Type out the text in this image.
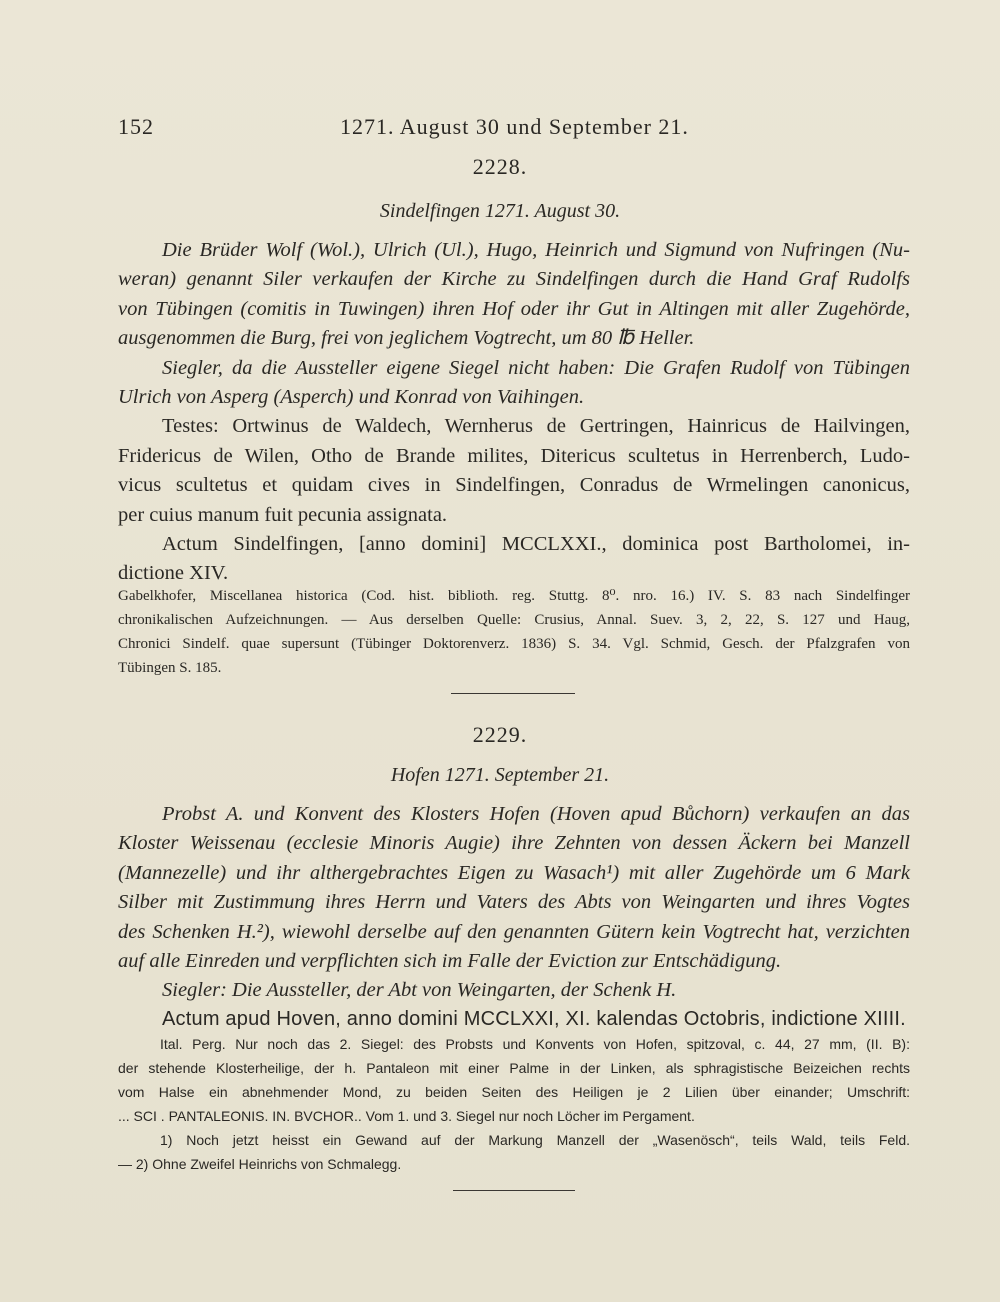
152	1271. August 30 und September 21.
2228.
Sindelfingen 1271. August 30.
Die Brüder Wolf (Wol.), Ulrich (Ul.), Hugo, Heinrich und Sigmund von Nufringen (Nu-
weran) genannt Siler verkaufen der Kirche zu Sindelfingen durch die Hand Graf Rudolfs
von Tübingen (comitis in Tuwingen) ihren Hof oder ihr Gut in Altingen mit aller Zugehörde,
ausgenommen die Burg, frei von jeglichem Vogtrecht, um 80 ℔ Heller.
Siegler, da die Aussteller eigene Siegel nicht haben: Die Grafen Rudolf von Tübingen
Ulrich von Asperg (Asperch) und Konrad von Vaihingen.
Testes: Ortwinus de Waldech, Wernherus de Gertringen, Hainricus de Hailvingen,
Fridericus de Wilen, Otho de Brande milites, Ditericus scultetus in Herrenberch, Ludo-
vicus scultetus et quidam cives in Sindelfingen, Conradus de Wrmelingen canonicus,
per cuius manum fuit pecunia assignata.
Actum Sindelfingen, [anno domini] MCCLXXI., dominica post Bartholomei, in-
dictione XIV.
Gabelkhofer, Miscellanea historica (Cod. hist. biblioth. reg. Stuttg. 8⁰. nro. 16.) IV. S. 83 nach Sindelfinger
chronikalischen Aufzeichnungen. — Aus derselben Quelle: Crusius, Annal. Suev. 3, 2, 22, S. 127 und Haug,
Chronici Sindelf. quae supersunt (Tübinger Doktorenverz. 1836) S. 34. Vgl. Schmid, Gesch. der Pfalzgrafen von
Tübingen S. 185.
2229.
Hofen 1271. September 21.
Probst A. und Konvent des Klosters Hofen (Hoven apud Bůchorn) verkaufen an das
Kloster Weissenau (ecclesie Minoris Augie) ihre Zehnten von dessen Äckern bei Manzell
(Mannezelle) und ihr althergebrachtes Eigen zu Wasach¹) mit aller Zugehörde um 6 Mark
Silber mit Zustimmung ihres Herrn und Vaters des Abts von Weingarten und ihres Vogtes
des Schenken H.²), wiewohl derselbe auf den genannten Gütern kein Vogtrecht hat, verzichten
auf alle Einreden und verpflichten sich im Falle der Eviction zur Entschädigung.
Siegler: Die Aussteller, der Abt von Weingarten, der Schenk H.
Actum apud Hoven, anno domini MCCLXXI, XI. kalendas Octobris, indictione XIIII.
Ital. Perg. Nur noch das 2. Siegel: des Probsts und Konvents von Hofen, spitzoval, c. 44, 27 mm, (II. B):
der stehende Klosterheilige, der h. Pantaleon mit einer Palme in der Linken, als sphragistische Beizeichen rechts
vom Halse ein abnehmender Mond, zu beiden Seiten des Heiligen je 2 Lilien über einander; Umschrift:
... SCI . PANTALEONIS. IN. BVCHOR.. Vom 1. und 3. Siegel nur noch Löcher im Pergament.
1) Noch jetzt heisst ein Gewand auf der Markung Manzell der „Wasenösch“, teils Wald, teils Feld.
— 2) Ohne Zweifel Heinrichs von Schmalegg.
